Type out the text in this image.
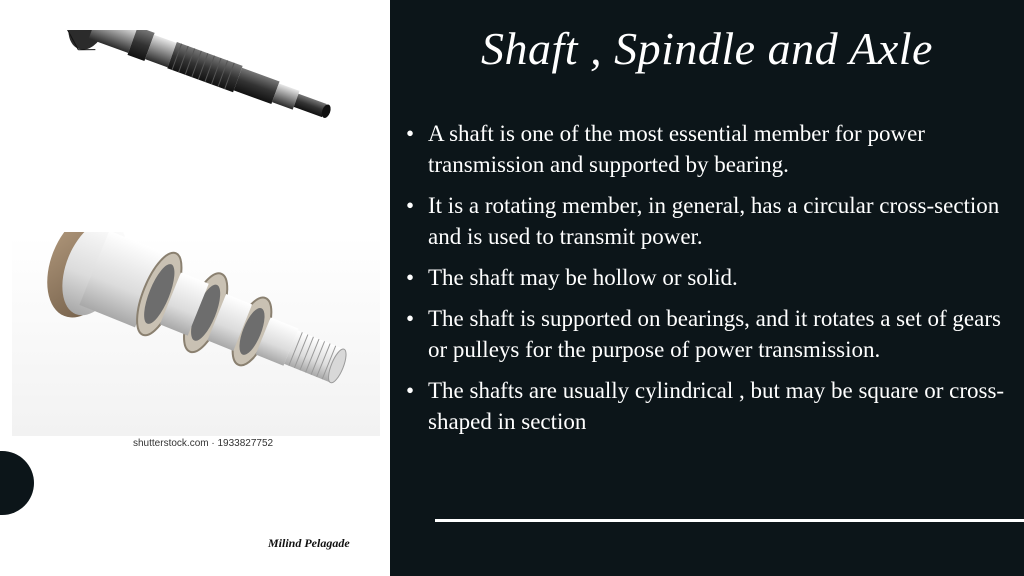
shutterstock.com · 1933827752
Milind Pelagade
Shaft , Spindle and Axle
• A shaft is one of the most essential member for power transmission and supported by bearing.
• It is a rotating member, in general, has a circular cross-section and is used to transmit power.
• The shaft may be hollow or solid.
• The shaft is supported on bearings, and it rotates a set of gears or pulleys for the purpose of power transmission.
• The shafts are usually cylindrical , but may be square or cross-shaped in section
